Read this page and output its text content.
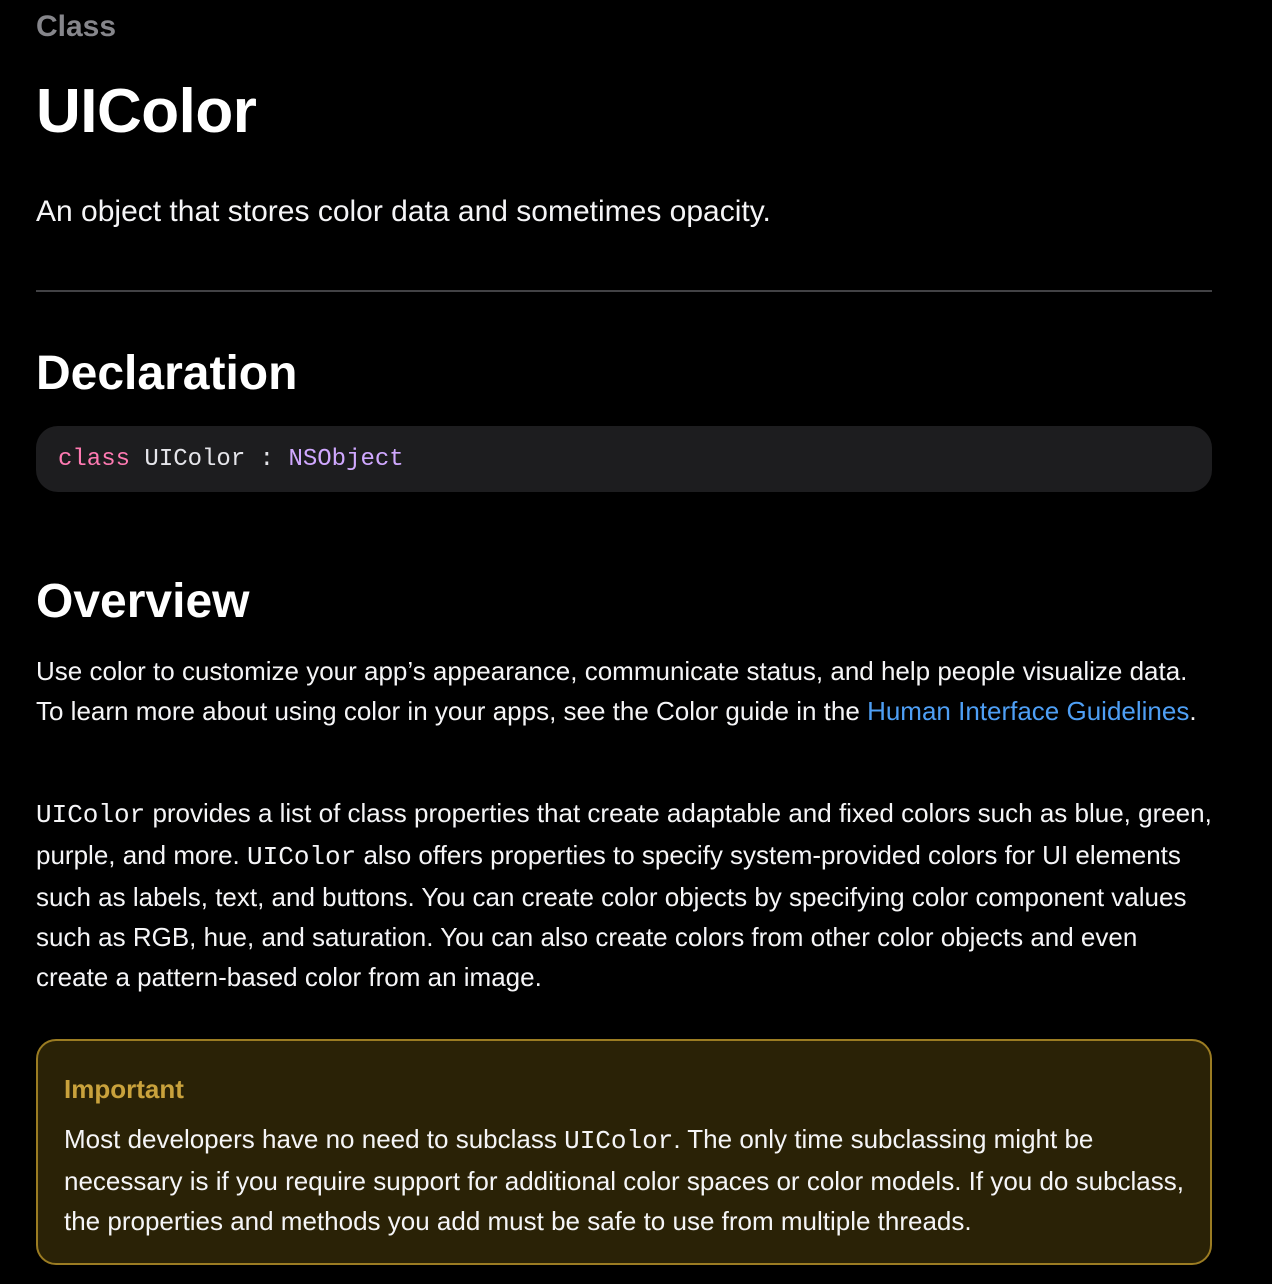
Class
UIColor

An object that stores color data and sometimes opacity.

Declaration
class UIColor : NSObject
Overview

Use color to customize your app’s appearance, communicate status, and help people visualize data. To learn more about using color in your apps, see the Color guide in the Human Interface Guidelines.

UIColor provides a list of class properties that create adaptable and fixed colors such as blue, green, purple, and more. UIColor also offers properties to specify system-provided colors for UI elements such as labels, text, and buttons. You can create color objects by specifying color component values such as RGB, hue, and saturation. You can also create colors from other color objects and even create a pattern-based color from an image.

Important

Most developers have no need to subclass UIColor. The only time subclassing might be necessary is if you require support for additional color spaces or color models. If you do subclass, the properties and methods you add must be safe to use from multiple threads.
